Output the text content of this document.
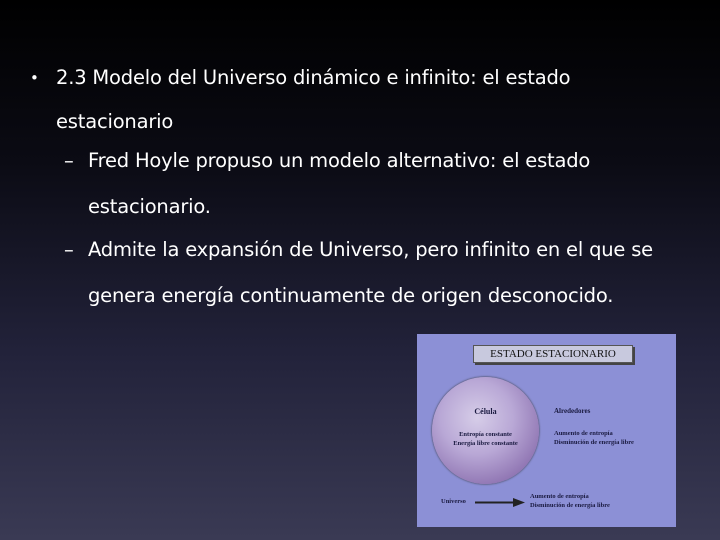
• 2.3 Modelo del Universo dinámico e infinito: el estado estacionario
– Fred Hoyle propuso un modelo alternativo: el estado estacionario.
– Admite la expansión de Universo, pero infinito en el que se genera energía continuamente de origen desconocido.
ESTADO ESTACIONARIO
Célula
Entropía constante
Energía libre constante
Alrededores
Aumento de entropía
Disminución de energía libre
Universo
Aumento de entropía
Disminución de energía libre
